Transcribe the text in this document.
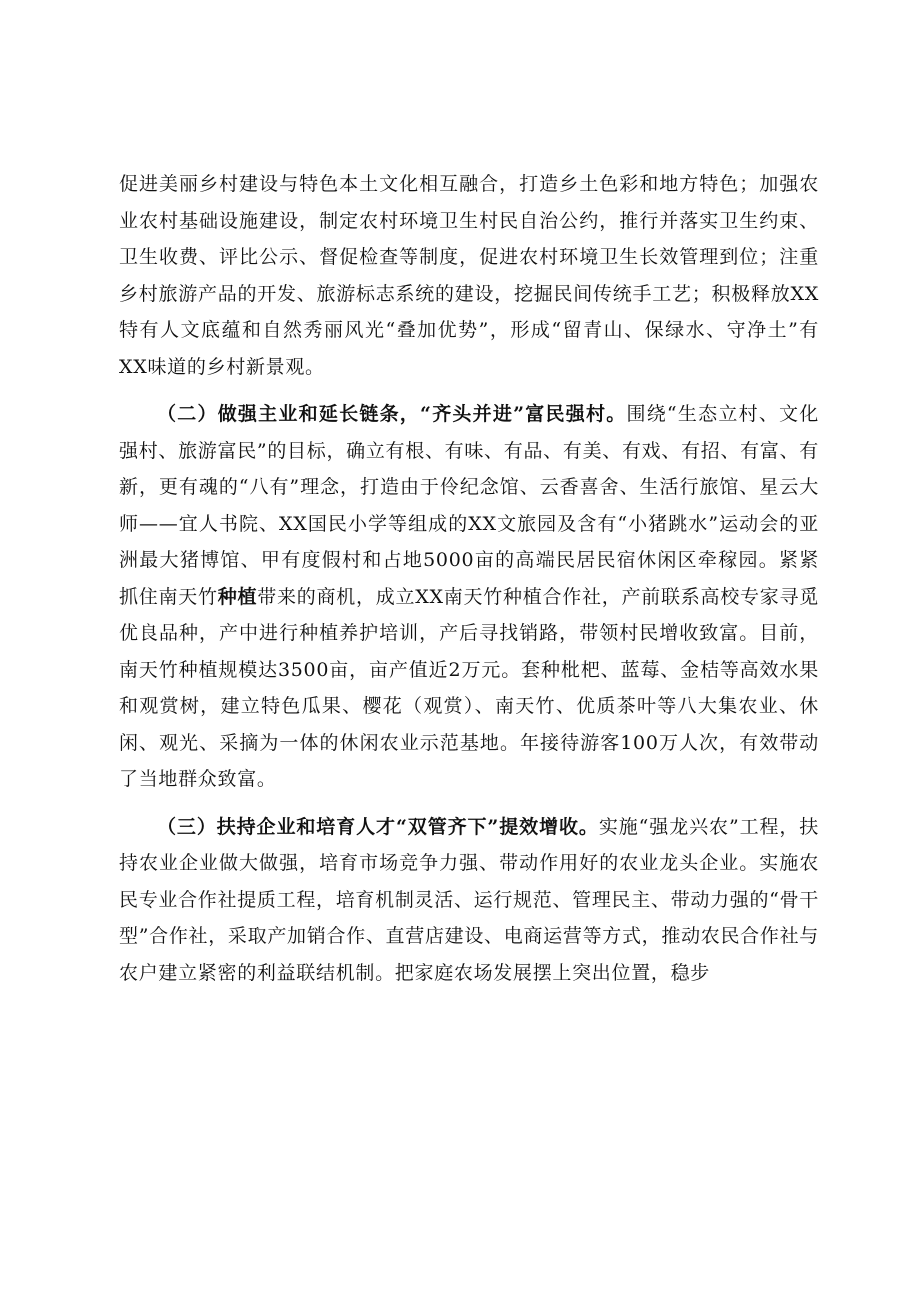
促进美丽乡村建设与特色本土文化相互融合，打造乡土色彩和地方特色；加强农业农村基础设施建设，制定农村环境卫生村民自治公约，推行并落实卫生约束、卫生收费、评比公示、督促检查等制度，促进农村环境卫生长效管理到位；注重乡村旅游产品的开发、旅游标志系统的建设，挖掘民间传统手工艺；积极释放XX特有人文底蕴和自然秀丽风光“叠加优势”，形成“留青山、保绿水、守净土”有XX味道的乡村新景观。

（二）做强主业和延长链条，“齐头并进”富民强村。围绕“生态立村、文化强村、旅游富民”的目标，确立有根、有味、有品、有美、有戏、有招、有富、有新，更有魂的“八有”理念，打造由于伶纪念馆、云香喜舍、生活行旅馆、星云大师——宜人书院、XX国民小学等组成的XX文旅园及含有“小猪跳水”运动会的亚洲最大猪博馆、甲有度假村和占地5000亩的高端民居民宿休闲区牵稼园。紧紧抓住南天竹种植带来的商机，成立XX南天竹种植合作社，产前联系高校专家寻觅优良品种，产中进行种植养护培训，产后寻找销路，带领村民增收致富。目前，南天竹种植规模达3500亩，亩产值近2万元。套种枇杷、蓝莓、金桔等高效水果和观赏树，建立特色瓜果、樱花（观赏）、南天竹、优质茶叶等八大集农业、休闲、观光、采摘为一体的休闲农业示范基地。年接待游客100万人次，有效带动了当地群众致富。

（三）扶持企业和培育人才“双管齐下”提效增收。实施“强龙兴农”工程，扶持农业企业做大做强，培育市场竞争力强、带动作用好的农业龙头企业。实施农民专业合作社提质工程，培育机制灵活、运行规范、管理民主、带动力强的“骨干型”合作社，采取产加销合作、直营店建设、电商运营等方式，推动农民合作社与农户建立紧密的利益联结机制。把家庭农场发展摆上突出位置，稳步
